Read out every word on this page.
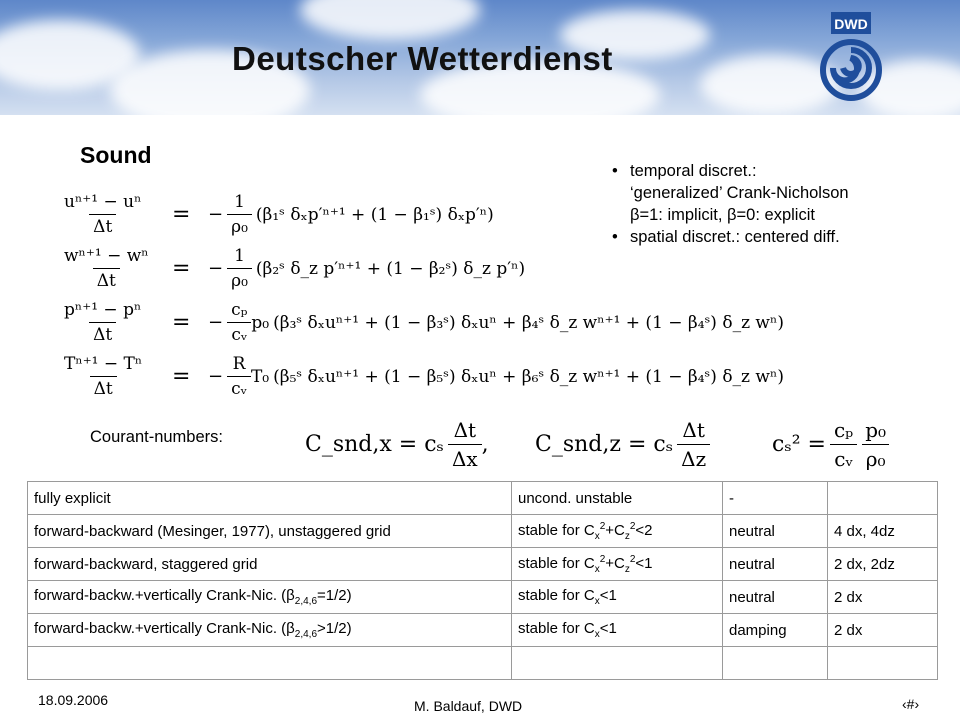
Deutscher Wetterdienst
DWD
Sound
• temporal discret.:
‘generalized’ Crank-Nicholson
β=1: implicit, β=0: explicit
• spatial discret.: centered diff.
$\frac{\text{uⁿ⁺¹ − uⁿ}}{\Delta t}$ = − $\frac{1}{\text{ρ₀}}$ (β₁ˢ δₓp′ⁿ⁺¹ + (1 − β₁ˢ) δₓp′ⁿ)
$\frac{\text{wⁿ⁺¹ − wⁿ}}{\Delta t}$ = − $\frac{1}{\text{ρ₀}}$ (β₂ˢ δ_z p′ⁿ⁺¹ + (1 − β₂ˢ) δ_z p′ⁿ)
$\frac{\text{pⁿ⁺¹ − pⁿ}}{\Delta t}$ = − $\frac{\text{cₚ}}{\text{cᵥ}} p_0$ (β₃ˢ δₓuⁿ⁺¹ + (1 − β₃ˢ) δₓuⁿ + β₄ˢ δ_z wⁿ⁺¹ + (1 − β₄ˢ) δ_z wⁿ)
$\frac{\text{Tⁿ⁺¹ − Tⁿ}}{\Delta t}$ = − $\frac{R}{\text{cᵥ}} T_0$ (β₅ˢ δₓuⁿ⁺¹ + (1 − β₅ˢ) δₓuⁿ + β₆ˢ δ_z wⁿ⁺¹ + (1 − β₄ˢ) δ_z wⁿ)
Courant-numbers:	C_snd,x = cₛ $\frac{\Delta t}{\Delta x}$ , C_snd,z = cₛ $\frac{\Delta t}{\Delta z}$	$c_s^2 = \frac{\text{cₚ}}{\text{cᵥ}} \frac{\text{p₀}}{\text{ρ₀}}$
fully explicit	uncond. unstable	-	
forward-backward (Mesinger, 1977), unstaggered grid	stable for $C_x^2+C_z^2<2$	neutral	4 dx, 4dz
forward-backward, staggered grid	stable for $C_x^2+C_z^2<1$	neutral	2 dx, 2dz
forward-backw.+vertically Crank-Nic. $(\beta_{2,4,6}=1/2)$	stable for $C_x<1$	neutral	2 dx
forward-backw.+vertically Crank-Nic. $(\beta_{2,4,6}>1/2)$	stable for $C_x<1$	damping	2 dx

18.09.2006	M. Baldauf, DWD	‹#›
